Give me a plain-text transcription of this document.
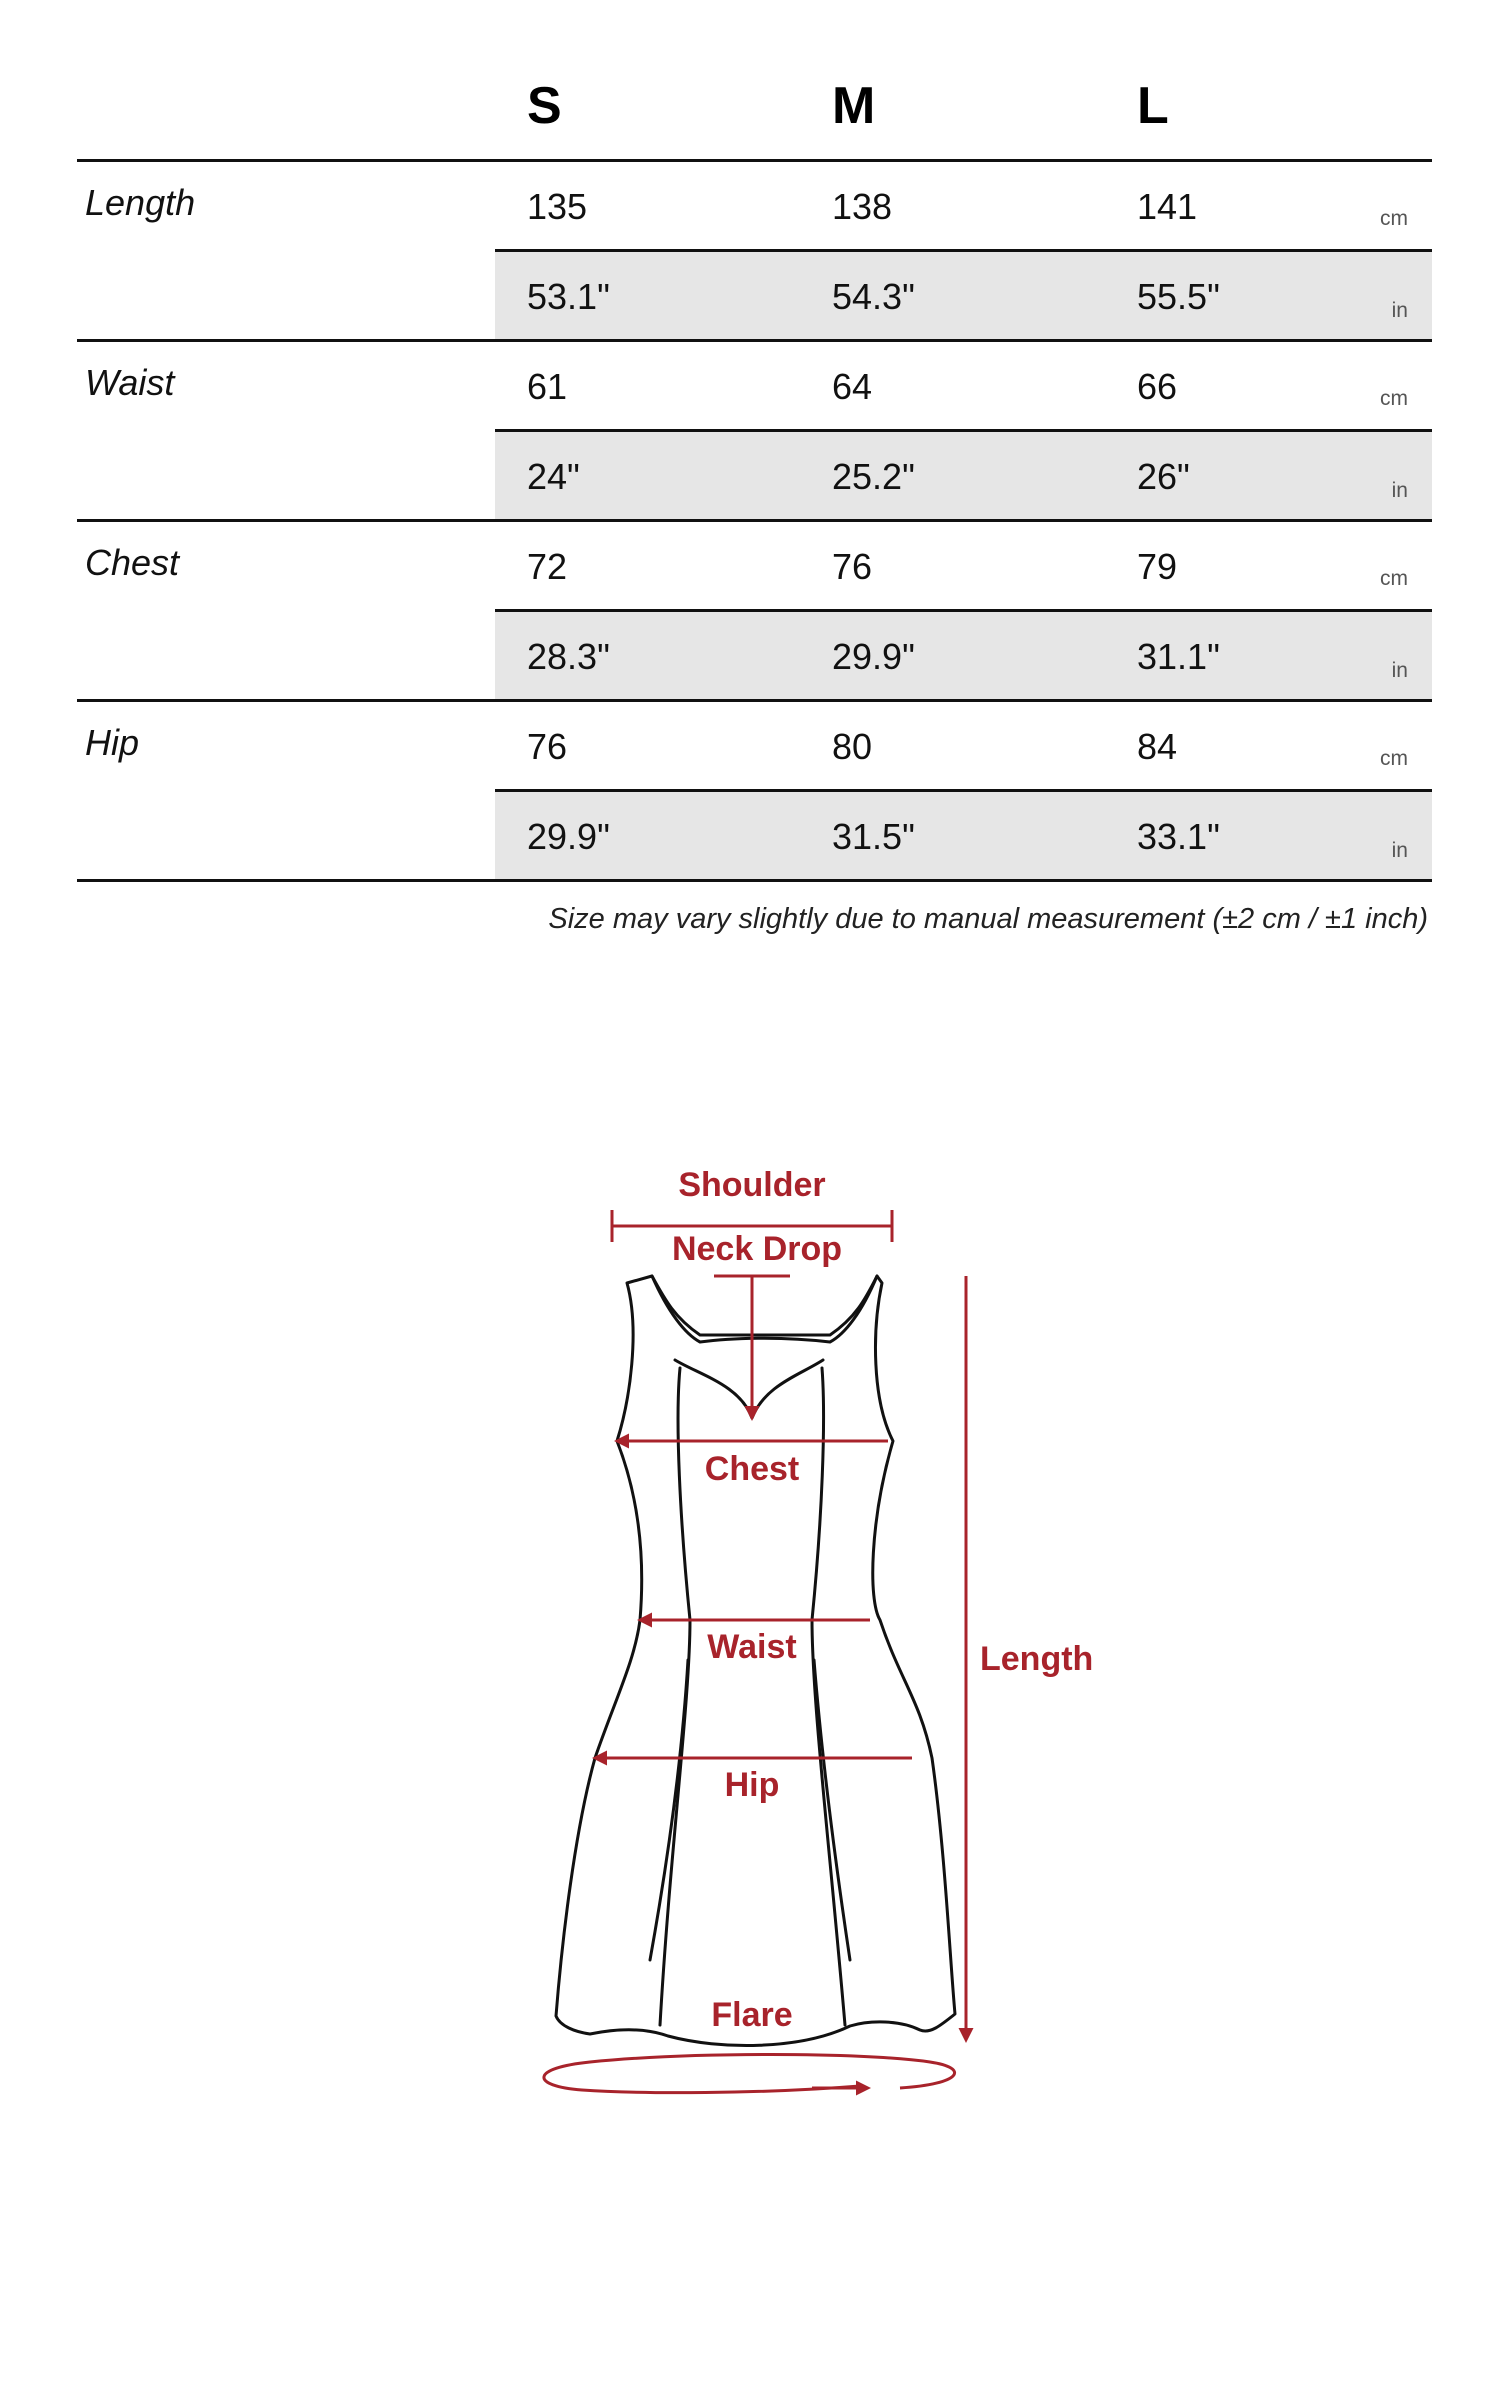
S	M	L
Length	135	138	141	cm
53.1"	54.3"	55.5"	in
Waist	61	64	66	cm
24"	25.2"	26"	in
Chest	72	76	79	cm
28.3"	29.9"	31.1"	in
Hip	76	80	84	cm
29.9"	31.5"	33.1"	in
Size may vary slightly due to manual measurement (±2 cm / ±1 inch)
Shoulder
Neck Drop
Chest
Waist
Hip
Length
Flare
